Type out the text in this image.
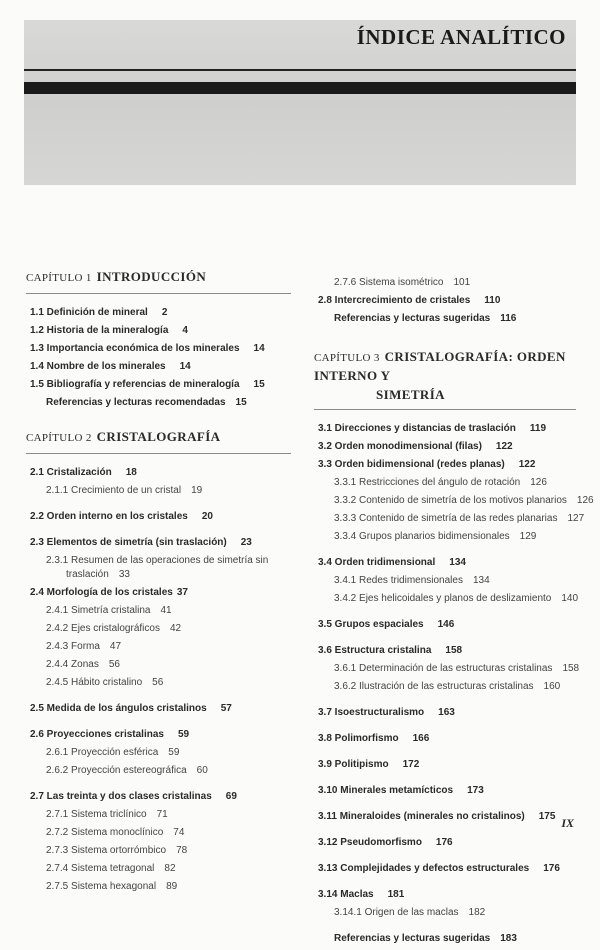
ÍNDICE ANALÍTICO
CAPÍTULO 1 INTRODUCCIÓN
1.1 Definición de mineral 2
1.2 Historia de la mineralogía 4
1.3 Importancia económica de los minerales 14
1.4 Nombre de los minerales 14
1.5 Bibliografía y referencias de mineralogía 15
Referencias y lecturas recomendadas 15
CAPÍTULO 2 CRISTALOGRAFÍA
2.1 Cristalización 18
2.1.1 Crecimiento de un cristal 19
2.2 Orden interno en los cristales 20
2.3 Elementos de simetría (sin traslación) 23
2.3.1 Resumen de las operaciones de simetría sin
traslación 33
2.4 Morfología de los cristales 37
2.4.1 Simetría cristalina 41
2.4.2 Ejes cristalográficos 42
2.4.3 Forma 47
2.4.4 Zonas 56
2.4.5 Hábito cristalino 56
2.5 Medida de los ángulos cristalinos 57
2.6 Proyecciones cristalinas 59
2.6.1 Proyección esférica 59
2.6.2 Proyección estereográfica 60
2.7 Las treinta y dos clases cristalinas 69
2.7.1 Sistema triclínico 71
2.7.2 Sistema monoclínico 74
2.7.3 Sistema ortorrómbico 78
2.7.4 Sistema tetragonal 82
2.7.5 Sistema hexagonal 89
2.7.6 Sistema isométrico 101
2.8 Intercrecimiento de cristales 110
Referencias y lecturas sugeridas 116
CAPÍTULO 3 CRISTALOGRAFÍA: ORDEN INTERNO Y
SIMETRÍA
3.1 Direcciones y distancias de traslación 119
3.2 Orden monodimensional (filas) 122
3.3 Orden bidimensional (redes planas) 122
3.3.1 Restricciones del ángulo de rotación 126
3.3.2 Contenido de simetría de los motivos planarios 126
3.3.3 Contenido de simetría de las redes planarias 127
3.3.4 Grupos planarios bidimensionales 129
3.4 Orden tridimensional 134
3.4.1 Redes tridimensionales 134
3.4.2 Ejes helicoidales y planos de deslizamiento 140
3.5 Grupos espaciales 146
3.6 Estructura cristalina 158
3.6.1 Determinación de las estructuras cristalinas 158
3.6.2 Ilustración de las estructuras cristalinas 160
3.7 Isoestructuralismo 163
3.8 Polimorfismo 166
3.9 Politipismo 172
3.10 Minerales metamícticos 173
3.11 Mineraloides (minerales no cristalinos) 175
3.12 Pseudomorfismo 176
3.13 Complejidades y defectos estructurales 176
3.14 Maclas 181
3.14.1 Origen de las maclas 182
Referencias y lecturas sugeridas 183
IX
